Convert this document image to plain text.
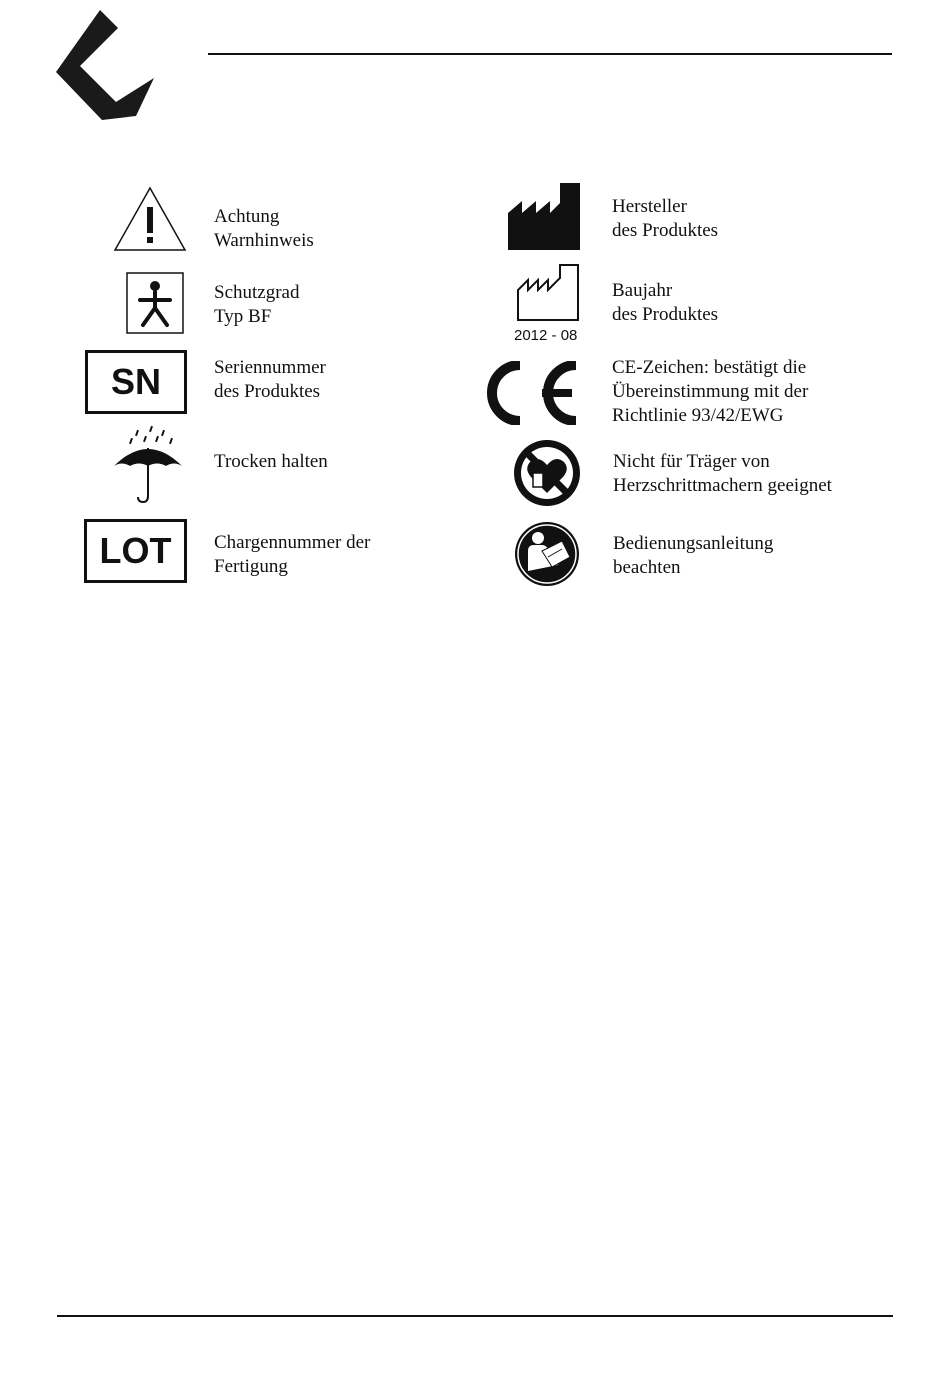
Achtung
Warnhinweis
Schutzgrad
Typ BF
SN	Seriennummer
des Produktes
Trocken halten
LOT Chargennummer der
Fertigung
Hersteller
des Produktes
2012 - 08
Baujahr
des Produktes
CE-Zeichen: bestätigt die
Übereinstimmung mit der
Richtlinie 93/42/EWG
Nicht für Träger von
Herzschrittmachern geeignet
Bedienungsanleitung
beachten
